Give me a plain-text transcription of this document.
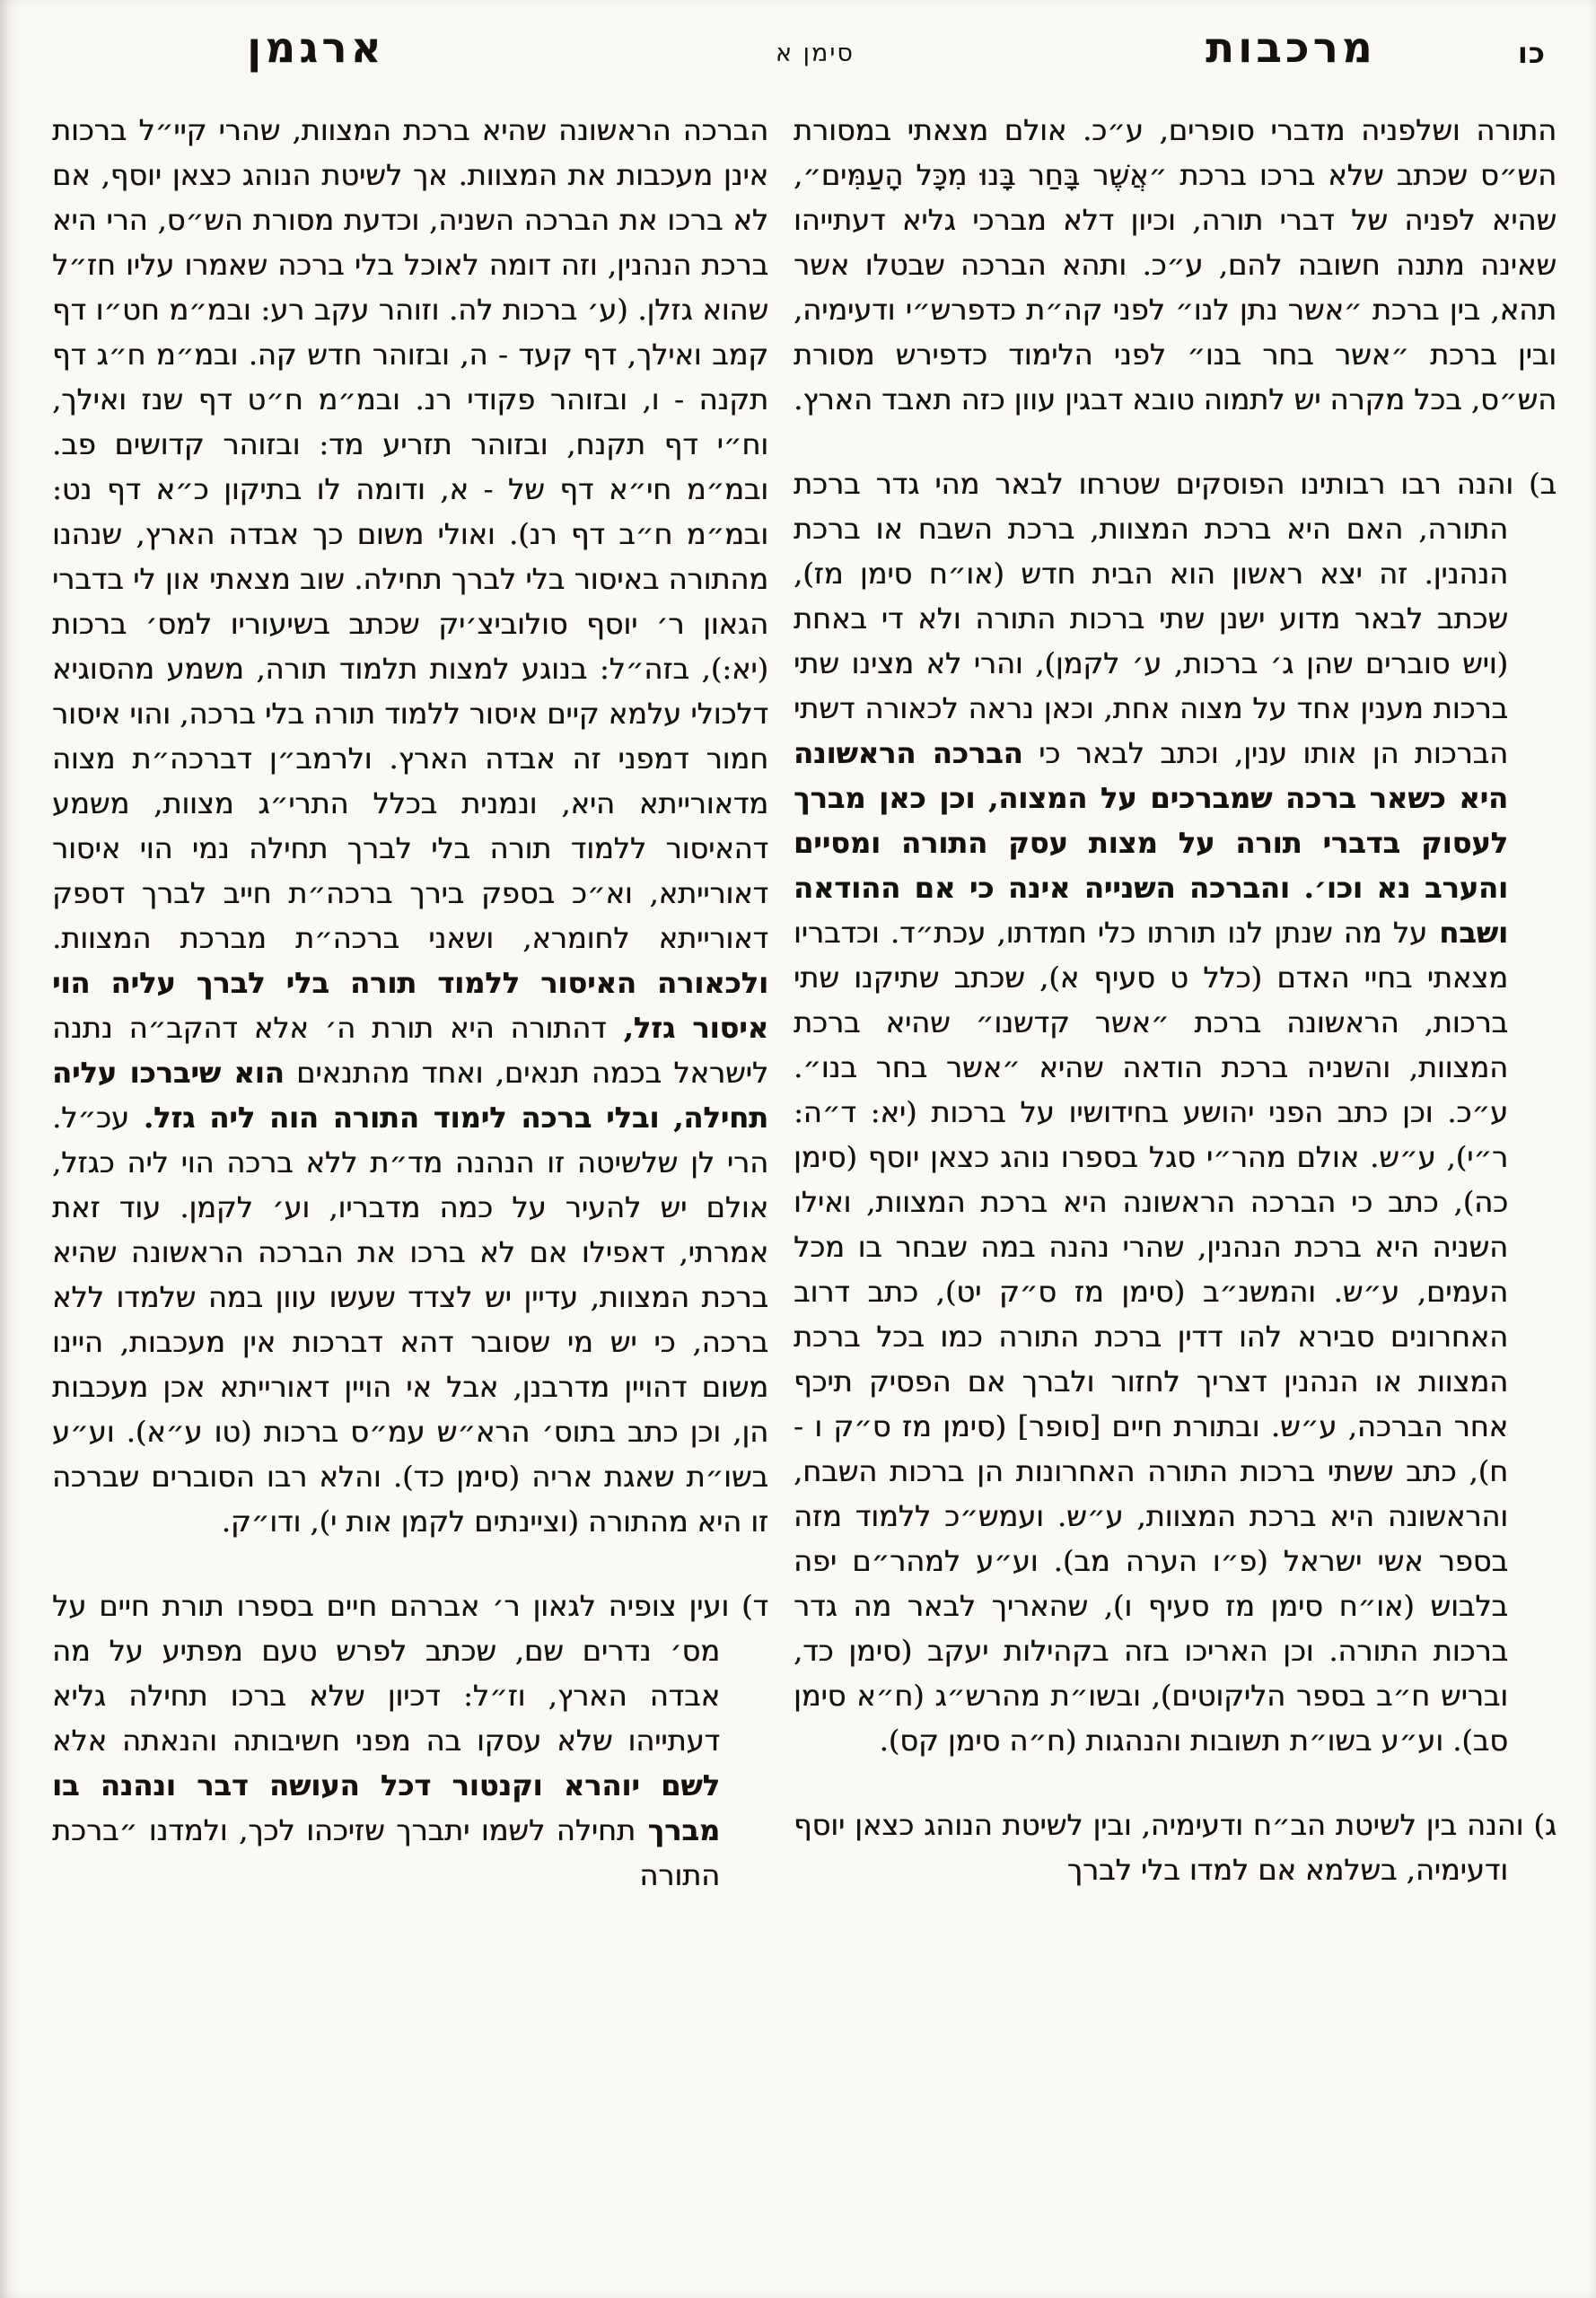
כו
מרכבות
סימן א
ארגמן

התורה ושלפניה מדברי סופרים, ע״כ. אולם מצאתי במסורת הש״ס שכתב שלא ברכו ברכת ״אֲשֶׁר בָּחַר בָּנוּ מִכָּל הָעַמִּים״, שהיא לפניה של דברי תורה, וכיון דלא מברכי גליא דעתייהו שאינה מתנה חשובה להם, ע״כ. ותהא הברכה שבטלו אשר תהא, בין ברכת ״אשר נתן לנו״ לפני קה״ת כדפרש״י ודעימיה, ובין ברכת ״אשר בחר בנו״ לפני הלימוד כדפירש מסורת הש״ס, בכל מקרה יש לתמוה טובא דבגין עוון כזה תאבד הארץ.

ב) והנה רבו רבותינו הפוסקים שטרחו לבאר מהי גדר ברכת התורה, האם היא ברכת המצוות, ברכת השבח או ברכת הנהנין. זה יצא ראשון הוא הבית חדש (או״ח סימן מז), שכתב לבאר מדוע ישנן שתי ברכות התורה ולא די באחת (ויש סוברים שהן ג׳ ברכות, ע׳ לקמן), והרי לא מצינו שתי ברכות מענין אחד על מצוה אחת, וכאן נראה לכאורה דשתי הברכות הן אותו ענין, וכתב לבאר כי הברכה הראשונה היא כשאר ברכה שמברכים על המצוה, וכן כאן מברך לעסוק בדברי תורה על מצות עסק התורה ומסיים והערב נא וכו׳. והברכה השנייה אינה כי אם ההודאה ושבח על מה שנתן לנו תורתו כלי חמדתו, עכת״ד. וכדבריו מצאתי בחיי האדם (כלל ט סעיף א), שכתב שתיקנו שתי ברכות, הראשונה ברכת ״אשר קדשנו״ שהיא ברכת המצוות, והשניה ברכת הודאה שהיא ״אשר בחר בנו״. ע״כ. וכן כתב הפני יהושע בחידושיו על ברכות (יא: ד״ה: ר״י), ע״ש. אולם מהר״י סגל בספרו נוהג כצאן יוסף (סימן כה), כתב כי הברכה הראשונה היא ברכת המצוות, ואילו השניה היא ברכת הנהנין, שהרי נהנה במה שבחר בו מכל העמים, ע״ש. והמשנ״ב (סימן מז ס״ק יט), כתב דרוב האחרונים סבירא להו דדין ברכת התורה כמו בכל ברכת המצוות או הנהנין דצריך לחזור ולברך אם הפסיק תיכף אחר הברכה, ע״ש. ובתורת חיים [סופר] (סימן מז ס״ק ו - ח), כתב ששתי ברכות התורה האחרונות הן ברכות השבח, והראשונה היא ברכת המצוות, ע״ש. ועמש״כ ללמוד מזה בספר אשי ישראל (פ״ו הערה מב). וע״ע למהר״ם יפה בלבוש (או״ח סימן מז סעיף ו), שהאריך לבאר מה גדר ברכות התורה. וכן האריכו בזה בקהילות יעקב (סימן כד, ובריש ח״ב בספר הליקוטים), ובשו״ת מהרש״ג (ח״א סימן סב). וע״ע בשו״ת תשובות והנהגות (ח״ה סימן קס).

ג) והנה בין לשיטת הב״ח ודעימיה, ובין לשיטת הנוהג כצאן יוסף ודעימיה, בשלמא אם למדו בלי לברך

הברכה הראשונה שהיא ברכת המצוות, שהרי קיי״ל ברכות אינן מעכבות את המצוות. אך לשיטת הנוהג כצאן יוסף, אם לא ברכו את הברכה השניה, וכדעת מסורת הש״ס, הרי היא ברכת הנהנין, וזה דומה לאוכל בלי ברכה שאמרו עליו חז״ל שהוא גזלן. (ע׳ ברכות לה. וזוהר עקב רע: ובמ״מ חט״ו דף קמב ואילך, דף קעד - ה, ובזוהר חדש קה. ובמ״מ ח״ג דף תקנה - ו, ובזוהר פקודי רנ. ובמ״מ ח״ט דף שנז ואילך, וח״י דף תקנח, ובזוהר תזריע מד: ובזוהר קדושים פב. ובמ״מ חי״א דף של - א, ודומה לו בתיקון כ״א דף נט: ובמ״מ ח״ב דף רנ). ואולי משום כך אבדה הארץ, שנהנו מהתורה באיסור בלי לברך תחילה. שוב מצאתי און לי בדברי הגאון ר׳ יוסף סולוביצ׳יק שכתב בשיעוריו למס׳ ברכות (יא:), בזה״ל: בנוגע למצות תלמוד תורה, משמע מהסוגיא דלכולי עלמא קיים איסור ללמוד תורה בלי ברכה, והוי איסור חמור דמפני זה אבדה הארץ. ולרמב״ן דברכה״ת מצוה מדאורייתא היא, ונמנית בכלל התרי״ג מצוות, משמע דהאיסור ללמוד תורה בלי לברך תחילה נמי הוי איסור דאורייתא, וא״כ בספק בירך ברכה״ת חייב לברך דספק דאורייתא לחומרא, ושאני ברכה״ת מברכת המצוות. ולכאורה האיסור ללמוד תורה בלי לברך עליה הוי איסור גזל, דהתורה היא תורת ה׳ אלא דהקב״ה נתנה לישראל בכמה תנאים, ואחד מהתנאים הוא שיברכו עליה תחילה, ובלי ברכה לימוד התורה הוה ליה גזל. עכ״ל. הרי לן שלשיטה זו הנהנה מד״ת ללא ברכה הוי ליה כגזל, אולם יש להעיר על כמה מדבריו, וע׳ לקמן. עוד זאת אמרתי, דאפילו אם לא ברכו את הברכה הראשונה שהיא ברכת המצוות, עדיין יש לצדד שעשו עוון במה שלמדו ללא ברכה, כי יש מי שסובר דהא דברכות אין מעכבות, היינו משום דהויין מדרבנן, אבל אי הויין דאורייתא אכן מעכבות הן, וכן כתב בתוס׳ הרא״ש עמ״ס ברכות (טו ע״א). וע״ע בשו״ת שאגת אריה (סימן כד). והלא רבו הסוברים שברכה זו היא מהתורה (וציינתים לקמן אות י), ודו״ק.

ד) ועין צופיה לגאון ר׳ אברהם חיים בספרו תורת חיים על מס׳ נדרים שם, שכתב לפרש טעם מפתיע על מה אבדה הארץ, וז״ל: דכיון שלא ברכו תחילה גליא דעתייהו שלא עסקו בה מפני חשיבותה והנאתה אלא לשם יוהרא וקנטור דכל העושה דבר ונהנה בו מברך תחילה לשמו יתברך שזיכהו לכך, ולמדנו ״ברכת התורה
